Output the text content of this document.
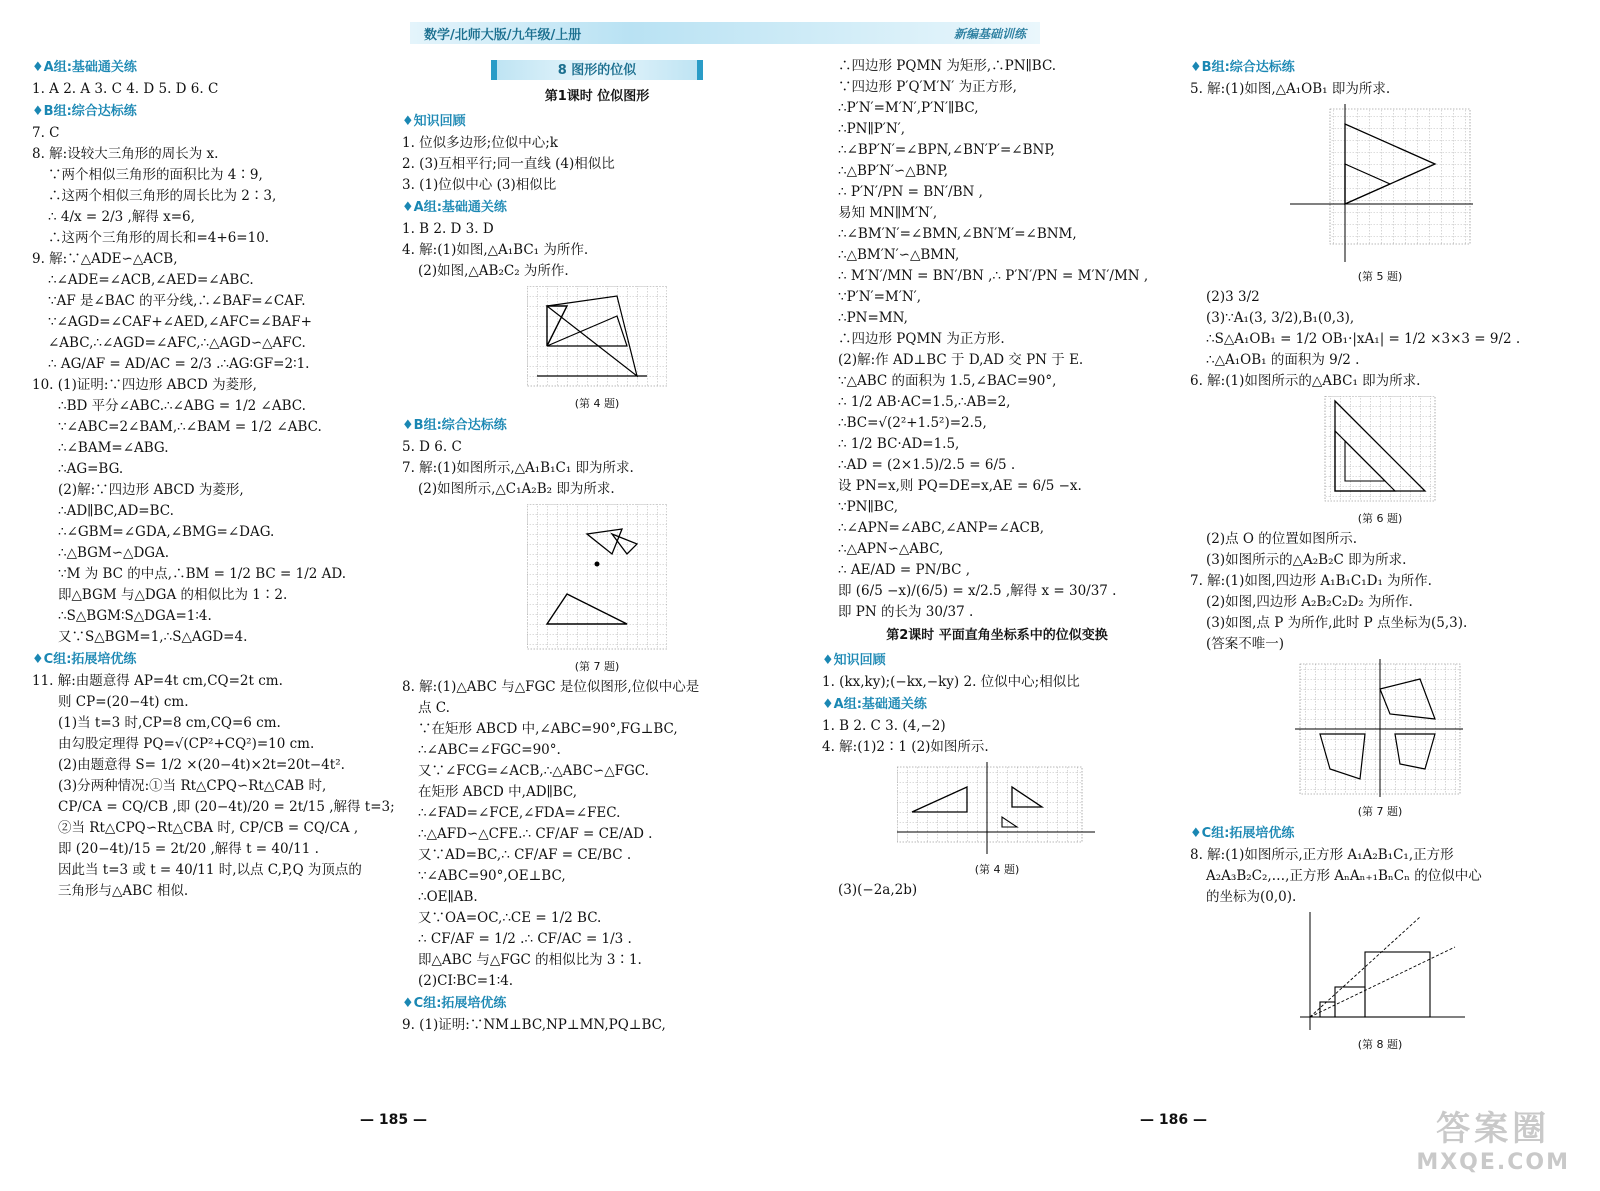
数学/北师大版/九年级/上册	新编基础训练
♦ A组:基础通关练
1. A 2. A 3. C 4. D 5. D 6. C
♦ B组:综合达标练
7. C
8. 解:设较大三角形的周长为 x.
∵两个相似三角形的面积比为 4∶9,
∴这两个相似三角形的周长比为 2∶3,
∴ 4/x = 2/3 ,解得 x=6,
∴这两个三角形的周长和=4+6=10.
9. 解:∵△ADE∽△ACB,
∴∠ADE=∠ACB,∠AED=∠ABC.
∵AF 是∠BAC 的平分线,∴∠BAF=∠CAF.
∵∠AGD=∠CAF+∠AED,∠AFC=∠BAF+
∠ABC,∴∠AGD=∠AFC,∴△AGD∽△AFC.
∴ AG/AF = AD/AC = 2/3 .∴AG∶GF=2∶1.
10. (1)证明:∵四边形 ABCD 为菱形,
∴BD 平分∠ABC.∴∠ABG = 1/2 ∠ABC.
∵∠ABC=2∠BAM,∴∠BAM = 1/2 ∠ABC.
∴∠BAM=∠ABG.
∴AG=BG.
(2)解:∵四边形 ABCD 为菱形,
∴AD∥BC,AD=BC.
∴∠GBM=∠GDA,∠BMG=∠DAG.
∴△BGM∽△DGA.
∵M 为 BC 的中点,∴BM = 1/2 BC = 1/2 AD.
即△BGM 与△DGA 的相似比为 1∶2.
∴S△BGM∶S△DGA=1∶4.
又∵S△BGM=1,∴S△AGD=4.
♦ C组:拓展培优练
11. 解:由题意得 AP=4t cm,CQ=2t cm.
则 CP=(20−4t) cm.
(1)当 t=3 时,CP=8 cm,CQ=6 cm.
由勾股定理得 PQ=√(CP²+CQ²)=10 cm.
(2)由题意得 S= 1/2 ×(20−4t)×2t=20t−4t².
(3)分两种情况:①当 Rt△CPQ∽Rt△CAB 时,
CP/CA = CQ/CB ,即 (20−4t)/20 = 2t/15 ,解得 t=3;
②当 Rt△CPQ∽Rt△CBA 时, CP/CB = CQ/CA ,
即 (20−4t)/15 = 2t/20 ,解得 t = 40/11 .
因此当 t=3 或 t = 40/11 时,以点 C,P,Q 为顶点的
三角形与△ABC 相似.
8 图形的位似
第1课时 位似图形
♦ 知识回顾
1. 位似多边形;位似中心;k
2. (3)互相平行;同一直线 (4)相似比
3. (1)位似中心 (3)相似比
♦ A组:基础通关练
1. B 2. D 3. D
4. 解:(1)如图,△A₁BC₁ 为所作.
(2)如图,△AB₂C₂ 为所作.
(第 4 题)
♦ B组:综合达标练
5. D 6. C
7. 解:(1)如图所示,△A₁B₁C₁ 即为所求.
(2)如图所示,△C₁A₂B₂ 即为所求.
(第 7 题)
8. 解:(1)△ABC 与△FGC 是位似图形,位似中心是
点 C.
∵在矩形 ABCD 中,∠ABC=90°,FG⊥BC,
∴∠ABC=∠FGC=90°.
又∵∠FCG=∠ACB,∴△ABC∽△FGC.
在矩形 ABCD 中,AD∥BC,
∴∠FAD=∠FCE,∠FDA=∠FEC.
∴△AFD∽△CFE.∴ CF/AF = CE/AD .
又∵AD=BC,∴ CF/AF = CE/BC .
∵∠ABC=90°,OE⊥BC,
∴OE∥AB.
又∵OA=OC,∴CE = 1/2 BC.
∴ CF/AF = 1/2 .∴ CF/AC = 1/3 .
即△ABC 与△FGC 的相似比为 3∶1.
(2)CI∶BC=1∶4.
♦ C组:拓展培优练
9. (1)证明:∵NM⊥BC,NP⊥MN,PQ⊥BC,
∴四边形 PQMN 为矩形,∴PN∥BC.
∵四边形 P′Q′M′N′ 为正方形,
∴P′N′=M′N′,P′N′∥BC,
∴PN∥P′N′,
∴∠BP′N′=∠BPN,∠BN′P′=∠BNP,
∴△BP′N′∽△BNP,
∴ P′N′/PN = BN′/BN ,
易知 MN∥M′N′,
∴∠BM′N′=∠BMN,∠BN′M′=∠BNM,
∴△BM′N′∽△BMN,
∴ M′N′/MN = BN′/BN ,∴ P′N′/PN = M′N′/MN ,
∵P′N′=M′N′,
∴PN=MN,
∴四边形 PQMN 为正方形.
(2)解:作 AD⊥BC 于 D,AD 交 PN 于 E.
∵△ABC 的面积为 1.5,∠BAC=90°,
∴ 1/2 AB·AC=1.5,∴AB=2,
∴BC=√(2²+1.5²)=2.5,
∴ 1/2 BC·AD=1.5,
∴AD = (2×1.5)/2.5 = 6/5 .
设 PN=x,则 PQ=DE=x,AE = 6/5 −x.
∵PN∥BC,
∴∠APN=∠ABC,∠ANP=∠ACB,
∴△APN∽△ABC,
∴ AE/AD = PN/BC ,
即 (6/5 −x)/(6/5) = x/2.5 ,解得 x = 30/37 .
即 PN 的长为 30/37 .
第2课时 平面直角坐标系中的位似变换
♦ 知识回顾
1. (kx,ky);(−kx,−ky) 2. 位似中心;相似比
♦ A组:基础通关练
1. B 2. C 3. (4,−2)
4. 解:(1)2∶1 (2)如图所示.
(第 4 题)
(3)(−2a,2b)
♦ B组:综合达标练
5. 解:(1)如图,△A₁OB₁ 即为所求.
(第 5 题)
(2)3 3/2
(3)∵A₁(3, 3/2),B₁(0,3),
∴S△A₁OB₁ = 1/2 OB₁·|xA₁| = 1/2 ×3×3 = 9/2 .
∴△A₁OB₁ 的面积为 9/2 .
6. 解:(1)如图所示的△ABC₁ 即为所求.
(第 6 题)
(2)点 O 的位置如图所示.
(3)如图所示的△A₂B₂C 即为所求.
7. 解:(1)如图,四边形 A₁B₁C₁D₁ 为所作.
(2)如图,四边形 A₂B₂C₂D₂ 为所作.
(3)如图,点 P 为所作,此时 P 点坐标为(5,3).
(答案不唯一)
(第 7 题)
♦ C组:拓展培优练
8. 解:(1)如图所示,正方形 A₁A₂B₁C₁,正方形
A₂A₃B₂C₂,…,正方形 AₙAₙ₊₁BₙCₙ 的位似中心
的坐标为(0,0).
(第 8 题)
— 185 —	— 186 —	答案圈
MXQE.COM
